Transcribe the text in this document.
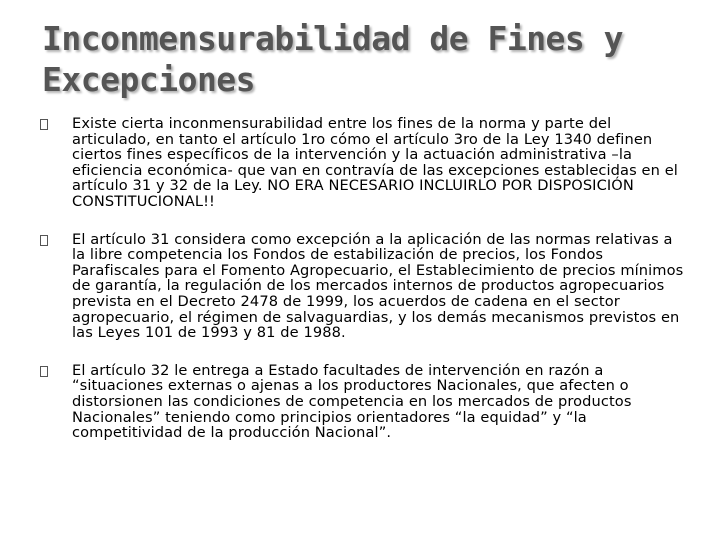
Inconmensurabilidad de Fines y Excepciones
Existe cierta inconmensurabilidad entre los fines de la norma y parte del articulado, en tanto el artículo 1ro cómo el artículo 3ro de la Ley 1340 definen ciertos fines específicos de la intervención y la actuación administrativa –la eficiencia económica- que van en contravía de las excepciones establecidas en el artículo 31 y 32 de la Ley. NO ERA NECESARIO INCLUIRLO POR DISPOSICIÓN CONSTITUCIONAL!!
El artículo 31 considera como excepción a la aplicación de las normas relativas a la libre competencia los Fondos de estabilización de precios, los Fondos Parafiscales para el Fomento Agropecuario, el Establecimiento de precios mínimos de garantía, la regulación de los mercados internos de productos agropecuarios prevista en el Decreto 2478 de 1999, los acuerdos de cadena en el sector agropecuario, el régimen de salvaguardias, y los demás mecanismos previstos en las Leyes 101 de 1993 y 81 de 1988.
El artículo 32 le entrega a Estado facultades de intervención en razón a “situaciones externas o ajenas a los productores Nacionales, que afecten o distorsionen las condiciones de competencia en los mercados de productos Nacionales” teniendo como principios orientadores “la equidad” y “la competitividad de la producción Nacional”.
